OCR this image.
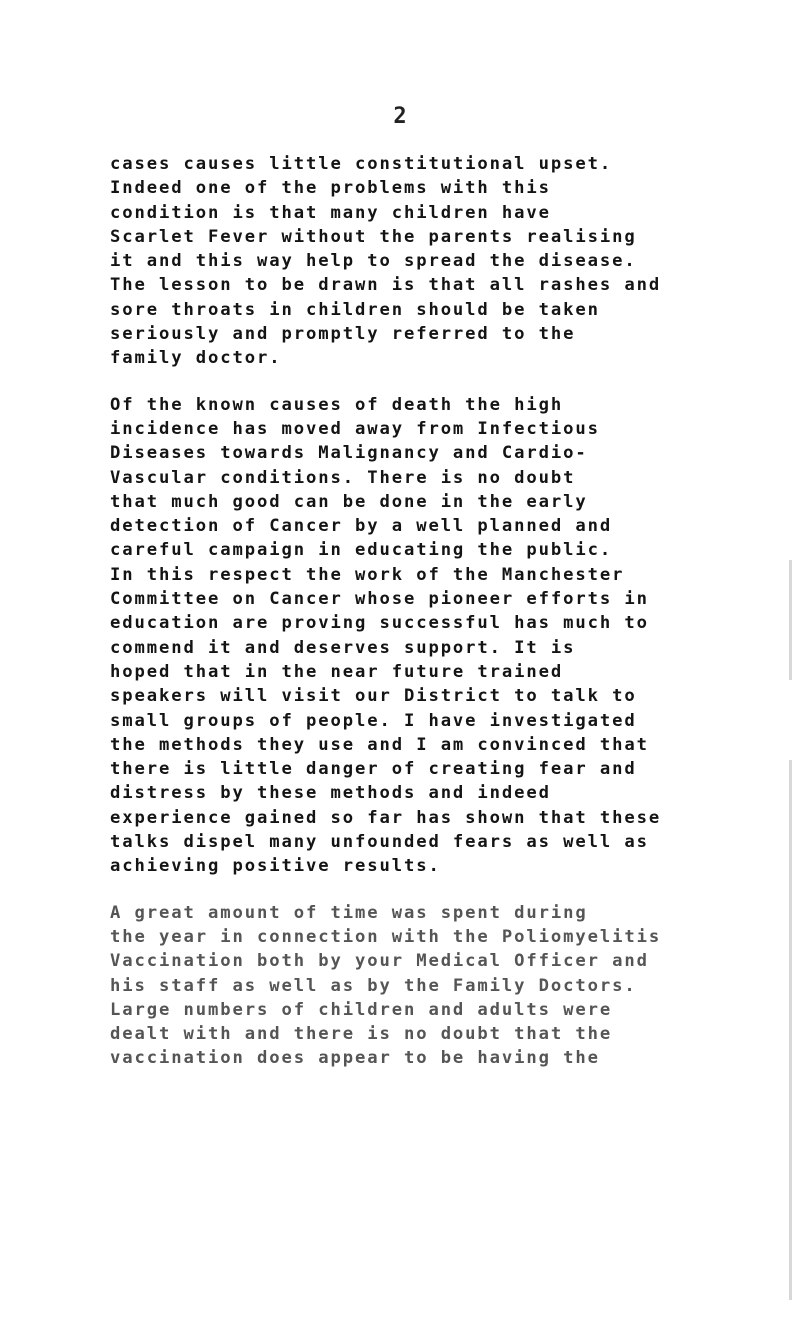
2
cases causes little constitutional upset.
Indeed one of the problems with this
condition is that many children have
Scarlet Fever without the parents realising
it and this way help to spread the disease.
The lesson to be drawn is that all rashes and
sore throats in children should be taken
seriously and promptly referred to the
family doctor.
Of the known causes of death the high
incidence has moved away from Infectious
Diseases towards Malignancy and Cardio-
Vascular conditions. There is no doubt
that much good can be done in the early
detection of Cancer by a well planned and
careful campaign in educating the public.
In this respect the work of the Manchester
Committee on Cancer whose pioneer efforts in
education are proving successful has much to
commend it and deserves support. It is
hoped that in the near future trained
speakers will visit our District to talk to
small groups of people. I have investigated
the methods they use and I am convinced that
there is little danger of creating fear and
distress by these methods and indeed
experience gained so far has shown that these
talks dispel many unfounded fears as well as
achieving positive results.
A great amount of time was spent during
the year in connection with the Poliomyelitis
Vaccination both by your Medical Officer and
his staff as well as by the Family Doctors.
Large numbers of children and adults were
dealt with and there is no doubt that the
vaccination does appear to be having the
